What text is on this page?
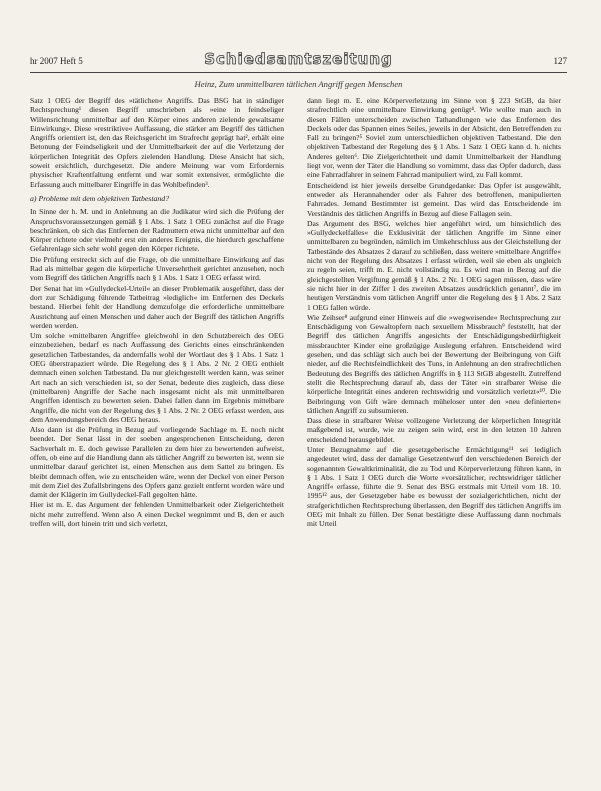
hr 2007 Heft 5	Schiedsamtszeitung	127
Heinz, Zum unmittelbaren tätlichen Angriff gegen Menschen

Satz 1 OEG der Begriff des »tätlichen« Angriffs. Das BSG hat in ständiger Rechtsprechung¹ diesen Begriff umschrieben als »eine in feindseliger Willensrichtung unmittelbar auf den Körper eines anderen zielende gewaltsame Einwirkung«. Diese »restriktive« Auffassung, die stärker am Begriff des tätlichen Angriffs orientiert ist, den das Reichsgericht im Strafrecht geprägt hat², erhält eine Betonung der Feindseligkeit und der Unmittelbarkeit der auf die Verletzung der körperlichen Integrität des Opfers zielenden Handlung. Diese Ansicht hat sich, soweit ersichtlich, durchgesetzt. Die andere Meinung war vom Erfordernis physischer Kraftentfaltung entfernt und war somit extensiver, ermöglichte die Erfassung auch mittelbarer Eingriffe in das Wohlbefinden³.

a) Probleme mit dem objektiven Tatbestand?

In Sinne der h. M. und in Anlehnung an die Judikatur wird sich die Prüfung der Anspruchsvoraussetzungen gemäß § 1 Abs. 1 Satz 1 OEG zunächst auf die Frage beschränken, ob sich das Entfernen der Radmuttern etwa nicht unmittelbar auf den Körper richtete oder vielmehr erst ein anderes Ereignis, die hierdurch geschaffene Gefahrenlage sich sehr wohl gegen den Körper richtete.

Die Prüfung erstreckt sich auf die Frage, ob die unmittelbare Einwirkung auf das Rad als mittelbar gegen die körperliche Unversehrtheit gerichtet anzusehen, noch vom Begriff des tätlichen Angriffs nach § 1 Abs. 1 Satz 1 OEG erfasst wird.

Der Senat hat im »Gullydeckel-Urteil« an dieser Problematik ausgeführt, dass der dort zur Schädigung führende Tatbeitrag »lediglich« im Entfernen des Deckels bestand. Hierbei fehlt der Handlung demzufolge die erforderliche unmittelbare Ausrichtung auf einen Menschen und daher auch der Begriff des tätlichen Angriffs werden werden.

Um solche »mittelbaren Angriffe« gleichwohl in den Schutzbereich des OEG einzubeziehen, bedarf es nach Auffassung des Gerichts eines einschränkenden gesetzlichen Tatbestandes, da andernfalls wohl der Wortlaut des § 1 Abs. 1 Satz 1 OEG überstrapaziert würde. Die Regelung des § 1 Abs. 2 Nr. 2 OEG enthielt demnach einen solchen Tatbestand. Da nur gleichgestellt werden kann, was seiner Art nach an sich verschieden ist, so der Senat, bedeute dies zugleich, dass diese (mittelbaren) Angriffe der Sache nach insgesamt nicht als mit unmittelbaren Angriffen identisch zu bewerten seien. Dabei fallen dann im Ergebnis mittelbare Angriffe, die nicht von der Regelung des § 1 Abs. 2 Nr. 2 OEG erfasst werden, aus dem Anwendungsbereich des OEG heraus.

Also dann ist die Prüfung in Bezug auf vorliegende Sachlage m. E. noch nicht beendet. Der Senat lässt in der soeben angesprochenen Entscheidung, deren Sachverhalt m. E. doch gewisse Parallelen zu dem hier zu bewertenden aufweist, offen, ob eine auf die Handlung dann als tätlicher Angriff zu bewerten ist, wenn sie unmittelbar darauf gerichtet ist, einen Menschen aus dem Sattel zu bringen. Es bleibt demnach offen, wie zu entscheiden wäre, wenn der Deckel von einer Person mit dem Ziel des Zufallsbringens des Opfers ganz gezielt entfernt worden wäre und damit der Klägerin im Gullydeckel-Fall gegolten hätte.

Hier ist m. E. das Argument der fehlenden Unmittelbarkeit oder Zielgerichtetheit nicht mehr zutreffend. Wenn also A einen Deckel wegnimmt und B, den er auch treffen will, dort hinein tritt und sich verletzt,

dann liegt m. E. eine Körperverletzung im Sinne von § 223 StGB, da hier strafrechtlich eine unmittelbare Einwirkung genügt⁴. Wie wollte man auch in diesen Fällen unterscheiden zwischen Tathandlungen wie das Entfernen des Deckels oder das Spannen eines Seiles, jeweils in der Absicht, den Betreffenden zu Fall zu bringen?⁵ Soviel zum unterschiedlichen objektiven Tatbestand. Die den objektiven Tatbestand der Regelung des § 1 Abs. 1 Satz 1 OEG kann d. h. nichts Anderes gelten⁶. Die Zielgerichtetheit und damit Unmittelbarkeit der Handlung liegt vor, wenn der Täter die Handlung so vornimmt, dass das Opfer dadurch, dass eine Fahrradfahrer in seinem Fahrrad manipuliert wird, zu Fall kommt.

Entscheidend ist hier jeweils derselbe Grundgedanke: Das Opfer ist ausgewählt, entweder als Herannahender oder als Fahrer des betroffenen, manipulierten Fahrrades. Jemand Bestimmter ist gemeint. Das wird das Entscheidende im Verständnis des tätlichen Angriffs in Bezug auf diese Fallagen sein.

Das Argument des BSG, welches hier angeführt wird, um hinsichtlich des »Gullydeckelfalles« die Exklusivität der tätlichen Angriffe im Sinne einer unmittelbaren zu begründen, nämlich im Umkehrschluss aus der Gleichstellung der Tatbestände des Absatzes 2 darauf zu schließen, dass weitere »mittelbare Angriffe« nicht von der Regelung des Absatzes 1 erfasst würden, weil sie eben als ungleich zu regeln seien, trifft m. E. nicht vollständig zu. Es wird man in Bezug auf die gleichgestellten Vergiftung gemäß § 1 Abs. 2 Nr. 1 OEG sagen müssen, dass wäre sie nicht hier in der Ziffer 1 des zweiten Absatzes ausdrücklich genannt⁷, die im heutigen Verständnis vom tätlichen Angriff unter die Regelung des § 1 Abs. 2 Satz 1 OEG fallen würde.

Wie Zeihser⁸ aufgrund einer Hinweis auf die »wegweisende« Rechtsprechung zur Entschädigung von Gewaltopfern nach sexuellem Missbrauch⁹ feststellt, hat der Begriff des tätlichen Angriffs angesichts der Entschädigungsbedürftigkeit missbrauchter Kinder eine großzügige Auslegung erfahren. Entscheidend wird gesehen, und das schlägt sich auch bei der Bewertung der Beibringung von Gift nieder, auf die Rechtsfeindlichkeit des Tuns, in Anlehnung an den strafrechtlichen Bedeutung des Begriffs des tätlichen Angriffs in § 113 StGB abgestellt. Zutreffend stellt die Rechtsprechung darauf ab, dass der Täter »in strafbarer Weise die körperliche Integrität eines anderen rechtswidrig und vorsätzlich verletzt«¹⁰. Die Beibringung von Gift wäre demnach müheloser unter den »neu definierten« tätlichen Angriff zu subsumieren.

Dass diese in strafbarer Weise vollzogene Verletzung der körperlichen Integrität maßgebend ist, wurde, wie zu zeigen sein wird, erst in den letzten 10 Jahren entscheidend herausgebildet.

Unter Bezugnahme auf die gesetzgeberische Ermächtigung¹¹ sei lediglich angedeutet wird, dass der damalige Gesetzentwurf den verschiedenen Bereich der sogenannten Gewaltkriminalität, die zu Tod und Körperverletzung führen kann, in § 1 Abs. 1 Satz 1 OEG durch die Worte »vorsätzlicher, rechtswidriger tätlicher Angriff« erfasse, führte die 9. Senat des BSG erstmals mit Urteil vom 18. 10. 1995¹² aus, der Gesetzgeber habe es bewusst der sozialgerichtlichen, nicht der strafgerichtlichen Rechtsprechung überlassen, den Begriff des tätlichen Angriffs im OEG mit Inhalt zu füllen. Der Senat bestätigte diese Auffassung dann nochmals mit Urteil
